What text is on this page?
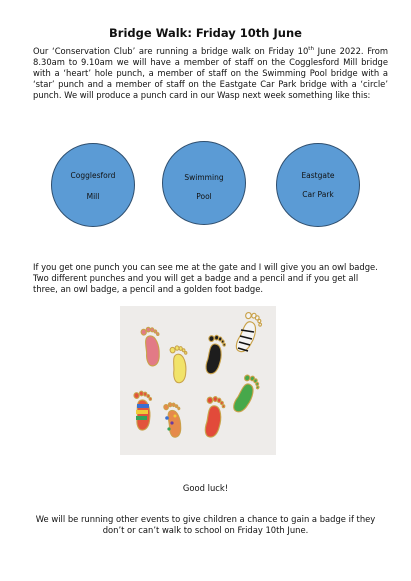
Bridge Walk: Friday 10th June

Our ‘Conservation Club’ are running a bridge walk on Friday 10th June 2022. From 8.30am to 9.10am we will have a member of staff on the Cogglesford Mill bridge with a ‘heart’ hole punch, a member of staff on the Swimming Pool bridge with a ‘star’ punch and a member of staff on the Eastgate Car Park bridge with a ‘circle’ punch. We will produce a punch card in our Wasp next week something like this:

Cogglesford
Mill
Swimming
Pool
Eastgate
Car Park

If you get one punch you can see me at the gate and I will give you an owl badge. Two different punches and you will get a badge and a pencil and if you get all three, an owl badge, a pencil and a golden foot badge.

Good luck!

We will be running other events to give children a chance to gain a badge if they don’t or can’t walk to school on Friday 10th June.
